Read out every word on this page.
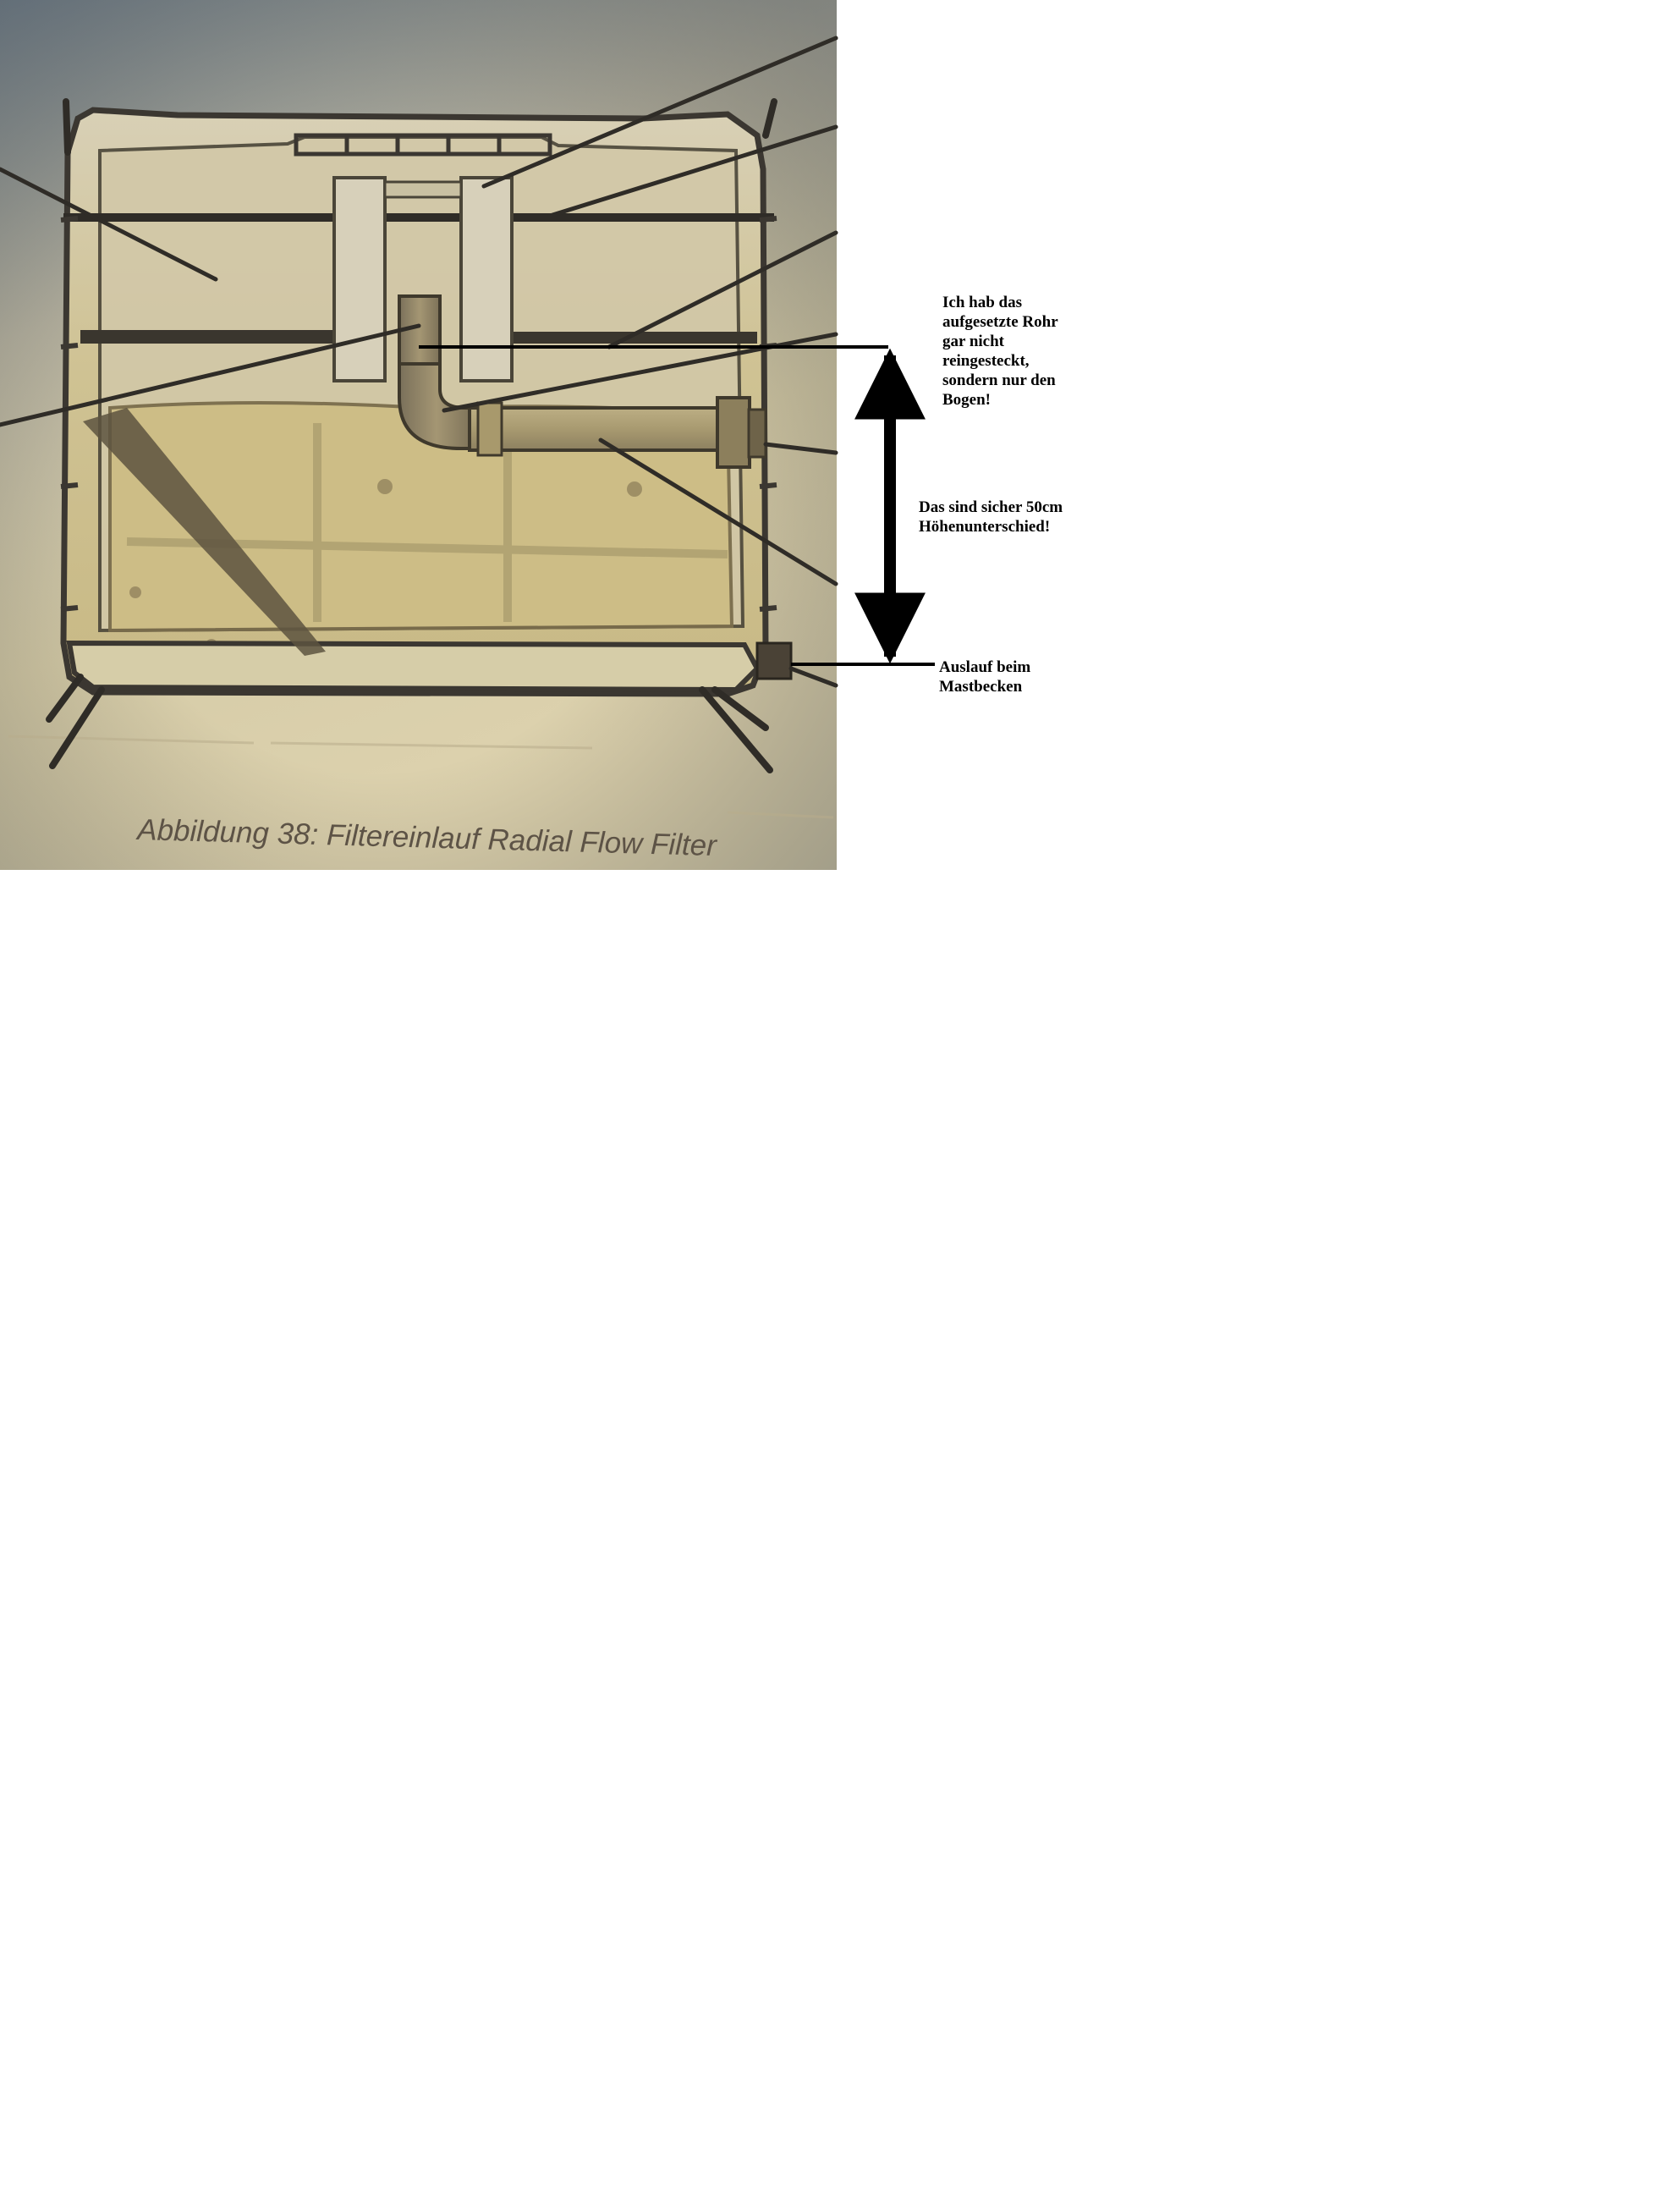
Abbildung 38: Filtereinlauf Radial Flow Filter

Ich hab das
aufgesetzte Rohr
gar nicht
reingesteckt,
sondern nur den
Bogen!

Das sind sicher 50cm
Höhenunterschied!

Auslauf beim
Mastbecken
